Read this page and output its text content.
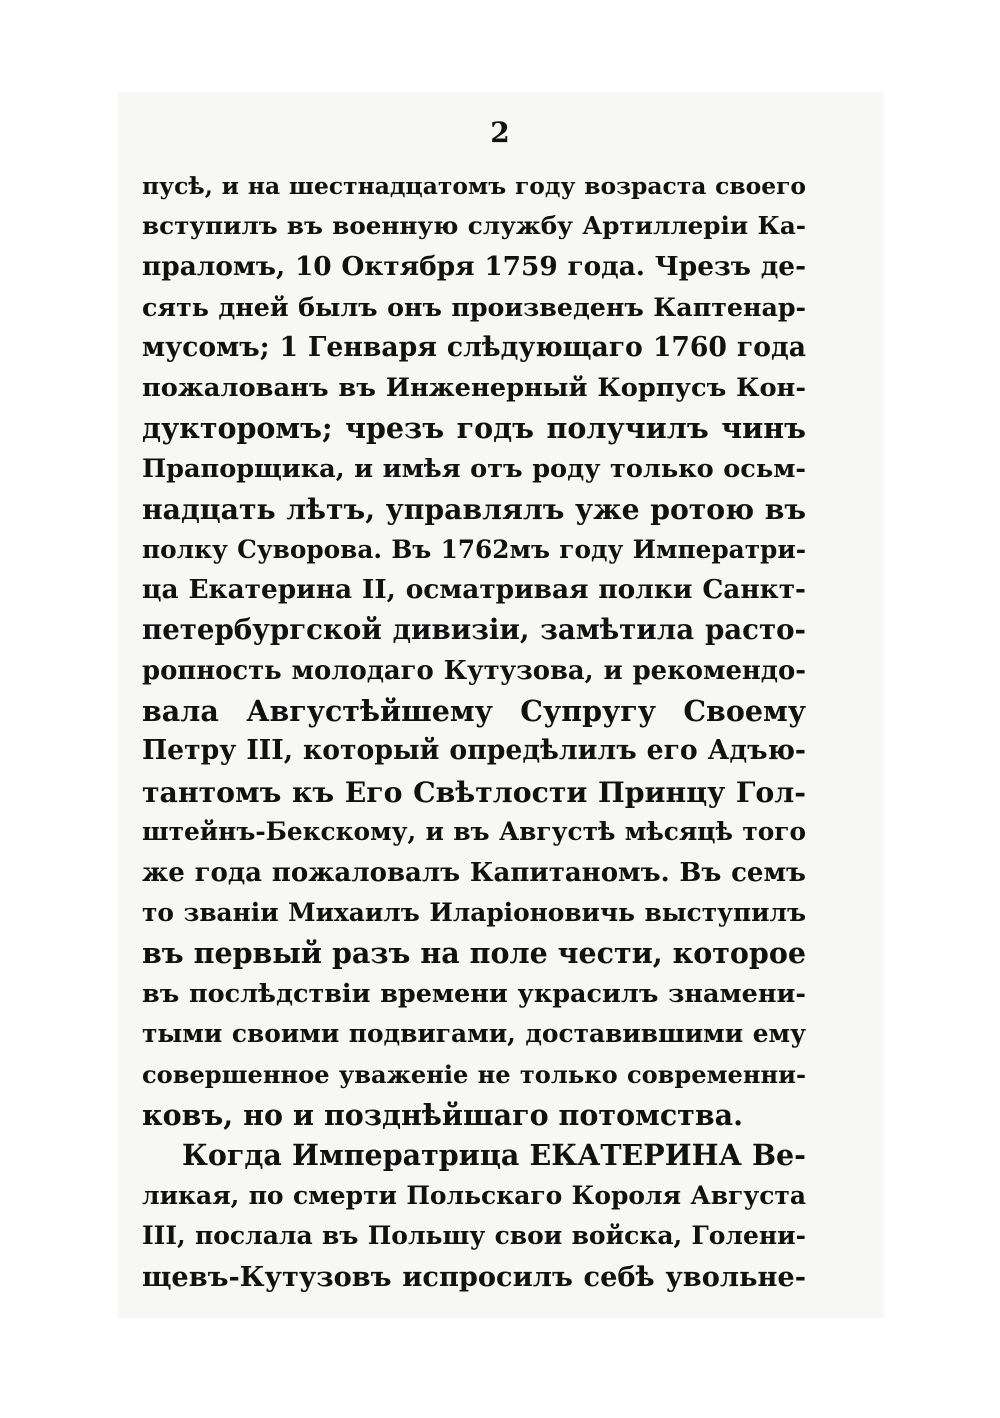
2
пусѣ, и на шестнадцатомъ году возраста своего
вступилъ въ военную службу Артиллеріи Ка-
праломъ, 10 Октября 1759 года. Чрезъ де-
сять дней былъ онъ произведенъ Каптенар-
мусомъ; 1 Генваря слѣдующаго 1760 года
пожалованъ въ Инженерный Корпусъ Кон-
дукторомъ; чрезъ годъ получилъ чинъ
Прапорщика, и имѣя отъ роду только осьм-
надцать лѣтъ, управлялъ уже ротою въ
полку Суворова. Въ 1762мъ году Императри-
ца Екатерина II, осматривая полки Санкт-
петербургской дивизіи, замѣтила расто-
ропность молодаго Кутузова, и рекомендо-
вала Августѣйшему Супругу Своему
Петру III, который опредѣлилъ его Адъю-
тантомъ къ Его Свѣтлости Принцу Гол-
штейнъ-Бекскому, и въ Августѣ мѣсяцѣ того
же года пожаловалъ Капитаномъ. Въ семъ
то званіи Михаилъ Иларіоновичь выступилъ
въ первый разъ на поле чести, которое
въ послѣдствіи времени украсилъ знамени-
тыми своими подвигами, доставившими ему
совершенное уваженіе не только современни-
ковъ, но и позднѣйшаго потомства.
Когда Императрица ЕКАТЕРИНА Ве-
ликая, по смерти Польскаго Короля Августа
III, послала въ Польшу свои войска, Голени-
щевъ-Кутузовъ испросилъ себѣ увольне-
